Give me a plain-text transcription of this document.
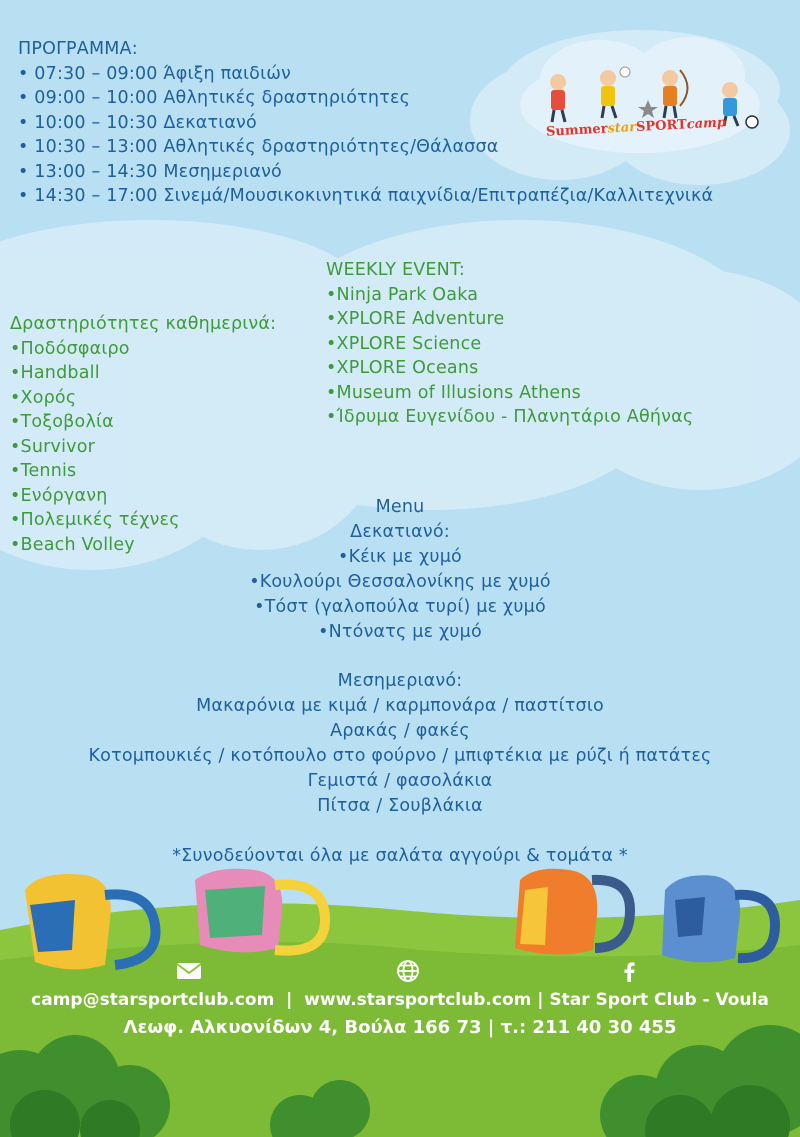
SummerstarSPORTcamp
ΠΡΟΓΡΑΜΜΑ:
• 07:30 – 09:00 Άφιξη παιδιών
• 09:00 – 10:00 Αθλητικές δραστηριότητες
• 10:00 – 10:30 Δεκατιανό
• 10:30 – 13:00 Αθλητικές δραστηριότητες/Θάλασσα
• 13:00 – 14:30 Μεσημεριανό
• 14:30 – 17:00 Σινεμά/Μουσικοκινητικά παιχνίδια/Επιτραπέζια/Καλλιτεχνικά
WEEKLY EVENT:
•Ninja Park Oaka
•XPLORE Adventure
•XPLORE Science
•XPLORE Oceans
•Museum of Illusions Athens
•Ίδρυμα Ευγενίδου - Πλανητάριο Αθήνας
Δραστηριότητες καθημερινά:
•Ποδόσφαιρο
•Handball
•Χορός
•Τοξοβολία
•Survivor
•Tennis
•Ενόργανη
•Πολεμικές τέχνες
•Beach Volley
Menu
Δεκατιανό:
•Κέικ με χυμό
•Κουλούρι Θεσσαλονίκης με χυμό
•Τόστ (γαλοπούλα τυρί) με χυμό
•Ντόνατς με χυμό
Μεσημεριανό:
Μακαρόνια με κιμά / καρμπονάρα / παστίτσιο
Αρακάς / φακές
Κοτομπουκιές / κοτόπουλο στο φούρνο / μπιφτέκια με ρύζι ή πατάτες
Γεμιστά / φασολάκια
Πίτσα / Σουβλάκια
*Συνοδεύονται όλα με σαλάτα αγγούρι & τομάτα *
camp@starsportclub.com  |  www.starsportclub.com | Star Sport Club - Voula
Λεωφ. Αλκυονίδων 4, Βούλα 166 73 | τ.: 211 40 30 455
